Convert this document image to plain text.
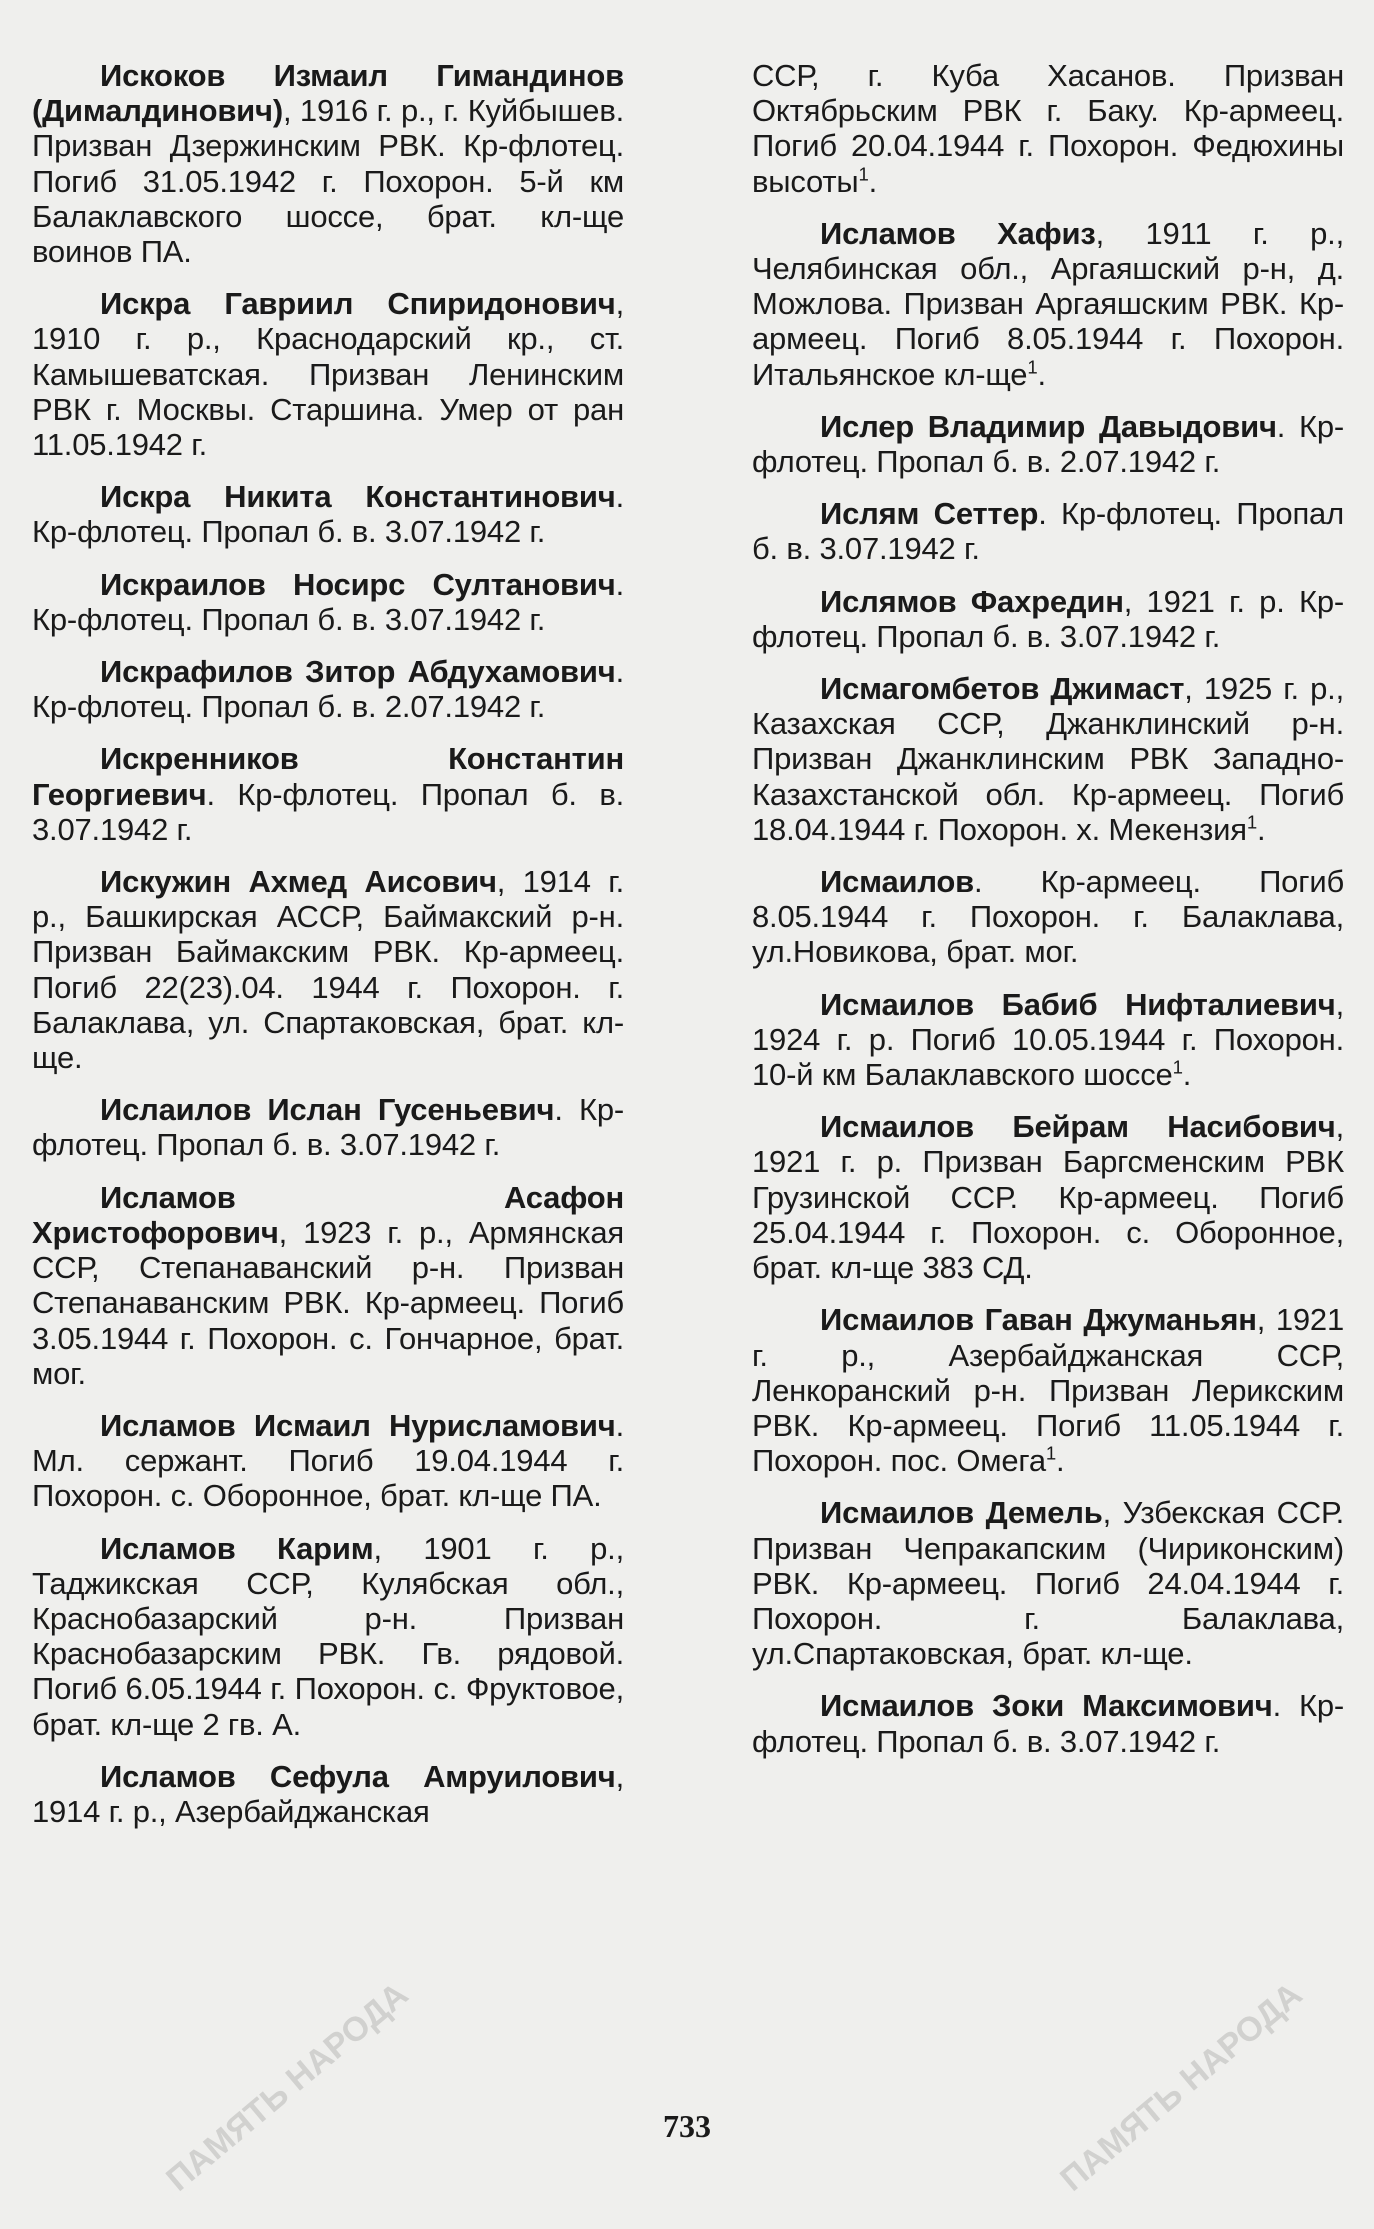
Искоков Измаил Гимандинов (Дималдинович), 1916 г. р., г. Куйбышев. Призван Дзержинским РВК. Кр-флотец. Погиб 31.05.1942 г. Похорон. 5-й км Балаклавского шоссе, брат. кл-ще воинов ПА.

Искра Гавриил Спиридонович, 1910 г. р., Краснодарский кр., ст. Камышеватская. Призван Ленинским РВК г. Москвы. Старшина. Умер от ран 11.05.1942 г.

Искра Никита Константинович. Кр-флотец. Пропал б. в. 3.07.1942 г.

Искраилов Носирс Султанович. Кр-флотец. Пропал б. в. 3.07.1942 г.

Искрафилов Зитор Абдухамович. Кр-флотец. Пропал б. в. 2.07.1942 г.

Искренников Константин Георгиевич. Кр-флотец. Пропал б. в. 3.07.1942 г.

Искужин Ахмед Аисович, 1914 г. р., Башкирская АССР, Баймакский р-н. Призван Баймакским РВК. Кр-армеец. Погиб 22(23).04. 1944 г. Похорон. г. Балаклава, ул. Спартаковская, брат. кл-ще.

Ислаилов Ислан Гусеньевич. Кр-флотец. Пропал б. в. 3.07.1942 г.

Исламов Асафон Христофорович, 1923 г. р., Армянская ССР, Степанаванский р-н. Призван Степанаванским РВК. Кр-армеец. Погиб 3.05.1944 г. Похорон. с. Гончарное, брат. мог.

Исламов Исмаил Нурисламович. Мл. сержант. Погиб 19.04.1944 г. Похорон. с. Оборонное, брат. кл-ще ПА.

Исламов Карим, 1901 г. р., Таджикская ССР, Кулябская обл., Краснобазарский р-н. Призван Краснобазарским РВК. Гв. рядовой. Погиб 6.05.1944 г. Похорон. с. Фруктовое, брат. кл-ще 2 гв. А.

Исламов Сефула Амруилович, 1914 г. р., Азербайджанская

ССР, г. Куба Хасанов. Призван Октябрьским РВК г. Баку. Кр-армеец. Погиб 20.04.1944 г. Похорон. Федюхины высоты$^1$.

Исламов Хафиз, 1911 г. р., Челябинская обл., Аргаяшский р-н, д. Можлова. Призван Аргаяшским РВК. Кр-армеец. Погиб 8.05.1944 г. Похорон. Итальянское $кл-ще^1$.

Ислер Владимир Давыдович. Кр-флотец. Пропал б. в. 2.07.1942 г.

Ислям Сеттер. Кр-флотец. Пропал б. в. 3.07.1942 г.

Ислямов Фахредин, 1921 г. р. Кр-флотец. Пропал б. в. 3.07.1942 г.

Исмагомбетов Джимаст, 1925 г. р., Казахская ССР, Джанклинский р-н. Призван Джанклинским РВК Западно-Казахстанской обл. Кр-армеец. Погиб 18.04.1944 г. Похорон. х. Мекензия$^1$.

Исмаилов. Кр-армеец. Погиб 8.05.1944 г. Похорон. г. Балаклава, ул.Новикова, брат. мог.

Исмаилов Бабиб Нифталиевич, 1924 г. р. Погиб 10.05.1944 г. Похорон. 10-й км Балаклавского шоссе$^1$.

Исмаилов Бейрам Насибович, 1921 г. р. Призван Баргсменским РВК Грузинской ССР. Кр-армеец. Погиб 25.04.1944 г. Похорон. с. Оборонное, брат. кл-ще 383 СД.

Исмаилов Гаван Джуманьян, 1921 г. р., Азербайджанская ССР, Ленкоранский р-н. Призван Лерикским РВК. Кр-армеец. Погиб 11.05.1944 г. Похорон. пос. Омега$^1$.

Исмаилов Демель, Узбекская ССР. Призван Чепракапским (Чириконским) РВК. Кр-армеец. Погиб 24.04.1944 г. Похорон. г. Балаклава, ул.Спартаковская, брат. кл-ще.

Исмаилов Зоки Максимович. Кр-флотец. Пропал б. в. 3.07.1942 г.

733
ПАМЯТЬ НАРОДА	ПАМЯТЬ НАРОДА
